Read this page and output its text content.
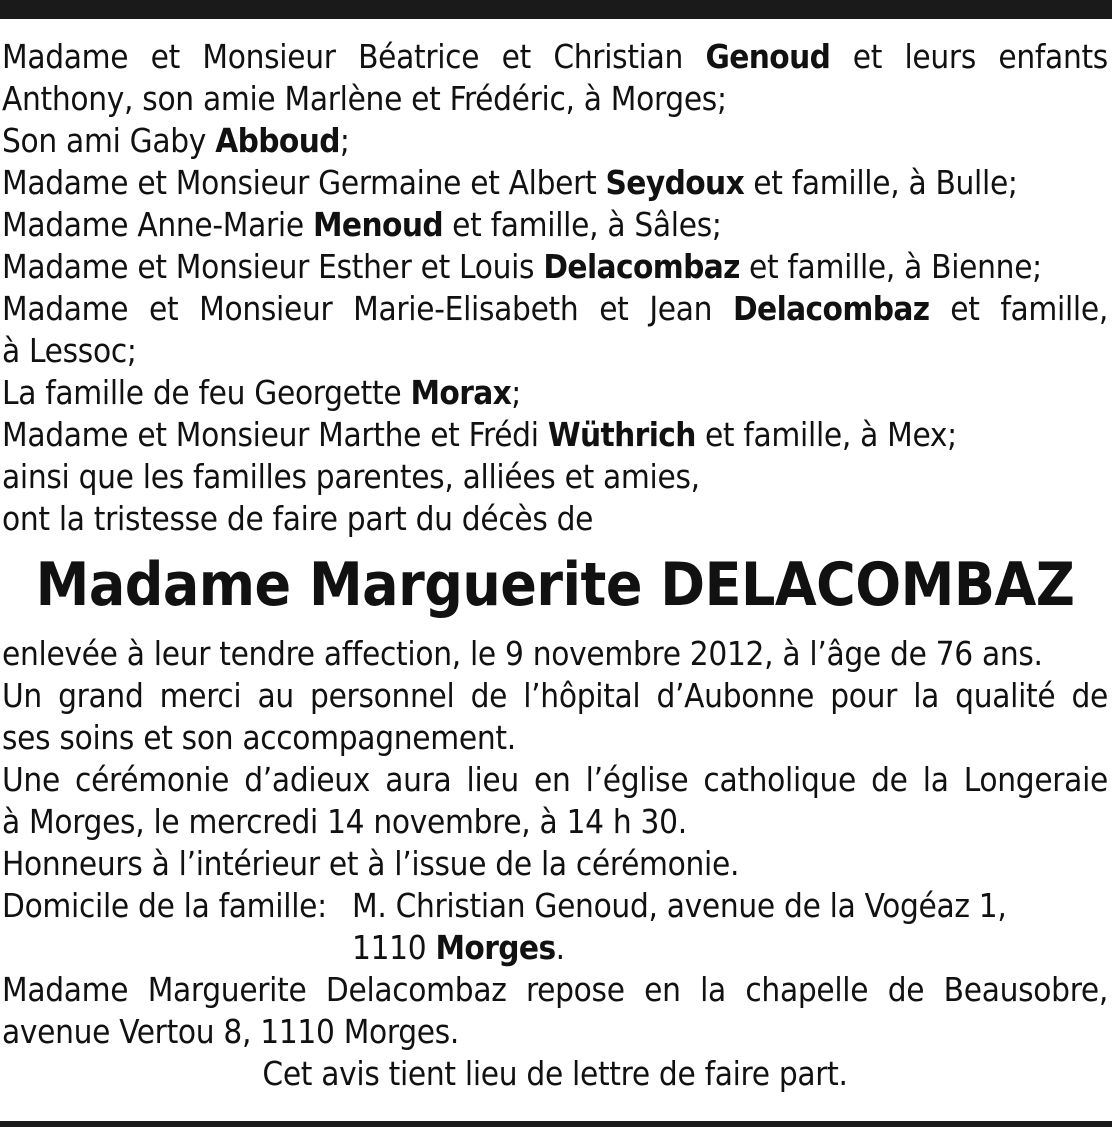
Madame et Monsieur Béatrice et Christian Genoud et leurs enfants
Anthony, son amie Marlène et Frédéric, à Morges;
Son ami Gaby Abboud;
Madame et Monsieur Germaine et Albert Seydoux et famille, à Bulle;
Madame Anne-Marie Menoud et famille, à Sâles;
Madame et Monsieur Esther et Louis Delacombaz et famille, à Bienne;
Madame et Monsieur Marie-Elisabeth et Jean Delacombaz et famille,
à Lessoc;
La famille de feu Georgette Morax;
Madame et Monsieur Marthe et Frédi Wüthrich et famille, à Mex;
ainsi que les familles parentes, alliées et amies,
ont la tristesse de faire part du décès de
Madame Marguerite DELACOMBAZ
enlevée à leur tendre affection, le 9 novembre 2012, à l’âge de 76 ans.
Un grand merci au personnel de l’hôpital d’Aubonne pour la qualité de
ses soins et son accompagnement.
Une cérémonie d’adieux aura lieu en l’église catholique de la Longeraie
à Morges, le mercredi 14 novembre, à 14 h 30.
Honneurs à l’intérieur et à l’issue de la cérémonie.
Domicile de la famille: M. Christian Genoud, avenue de la Vogéaz 1,
1110 Morges.
Madame Marguerite Delacombaz repose en la chapelle de Beausobre,
avenue Vertou 8, 1110 Morges.
Cet avis tient lieu de lettre de faire part.
